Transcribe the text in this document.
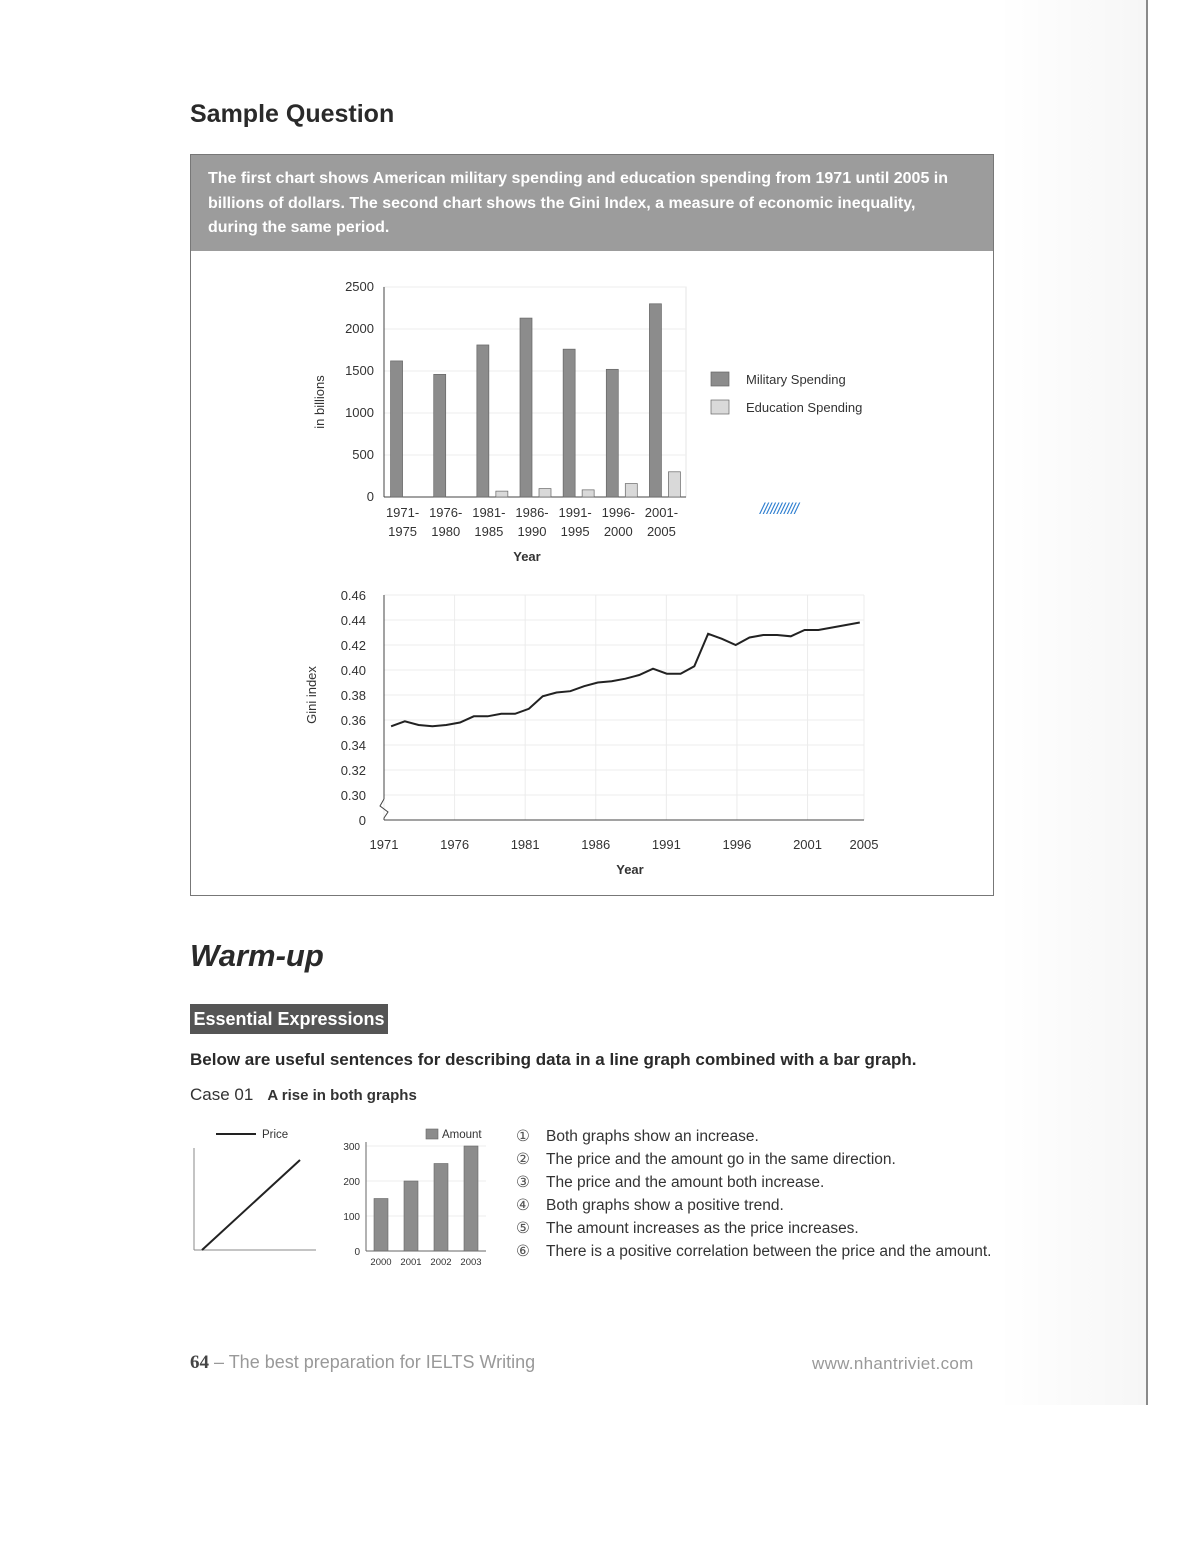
Sample Question
The first chart shows American military spending and education spending from 1971 until 2005 in billions of dollars. The second chart shows the Gini Index, a measure of economic inequality, during the same period.
0
500
1000
1500
2000
2500
1971-
1975
1976-
1980
1981-
1985
1986-
1990
1991-
1995
1996-
2000
2001-
2005
Year
in billions	Military Spending
Education Spending
///////////
0
0.30
0.32
0.34
0.36
0.38
0.40
0.42
0.44
0.46
1971	1976	1981	1986	1991	1996	2001 2005
Year
Gini index
Warm-up
Essential Expressions
Below are useful sentences for describing data in a line graph combined with a bar graph.
Case 01 A rise in both graphs
Price
0
100
200
300
2000 2001 2002 2003
Amount ①	Both graphs show an increase.
②	The price and the amount go in the same direction.
③	The price and the amount both increase.
④	Both graphs show a positive trend.
⑤	The amount increases as the price increases.
⑥	There is a positive correlation between the price and the amount.
64 – The best preparation for IELTS Writing	www.nhantriviet.com
